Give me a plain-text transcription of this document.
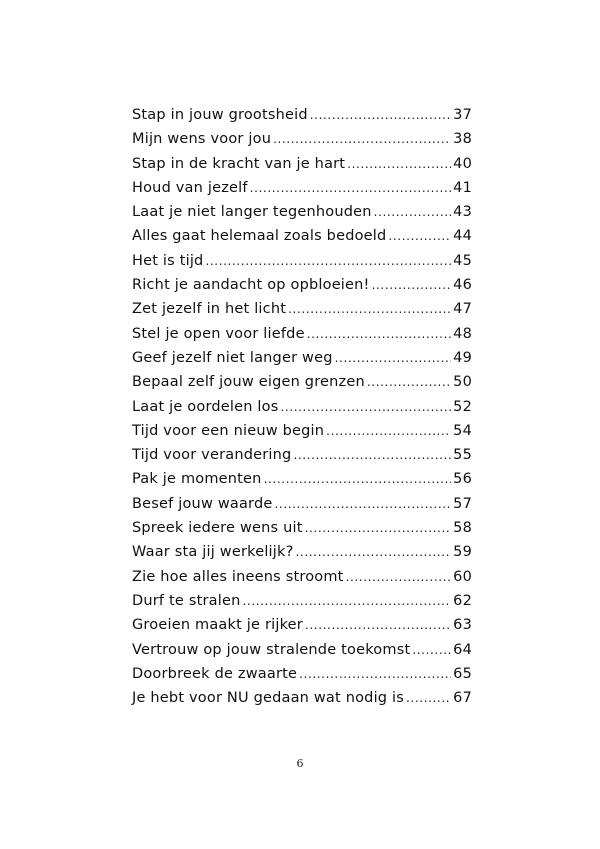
Stap in jouw grootsheid .....	37
Mijn wens voor jou .....	38
Stap in de kracht van je hart .....	40
Houd van jezelf .....	41
Laat je niet langer tegenhouden .....	43
Alles gaat helemaal zoals bedoeld .....	44
Het is tijd .....	45
Richt je aandacht op opbloeien! .....	46
Zet jezelf in het licht .....	47
Stel je open voor liefde .....	48
Geef jezelf niet langer weg .....	49
Bepaal zelf jouw eigen grenzen .....	50
Laat je oordelen los .....	52
Tijd voor een nieuw begin .....	54
Tijd voor verandering .....	55
Pak je momenten .....	56
Besef jouw waarde .....	57
Spreek iedere wens uit .....	58
Waar sta jij werkelijk? .....	59
Zie hoe alles ineens stroomt .....	60
Durf te stralen .....	62
Groeien maakt je rijker .....	63
Vertrouw op jouw stralende toekomst .....	64
Doorbreek de zwaarte .....	65
Je hebt voor NU gedaan wat nodig is .....	67
6
